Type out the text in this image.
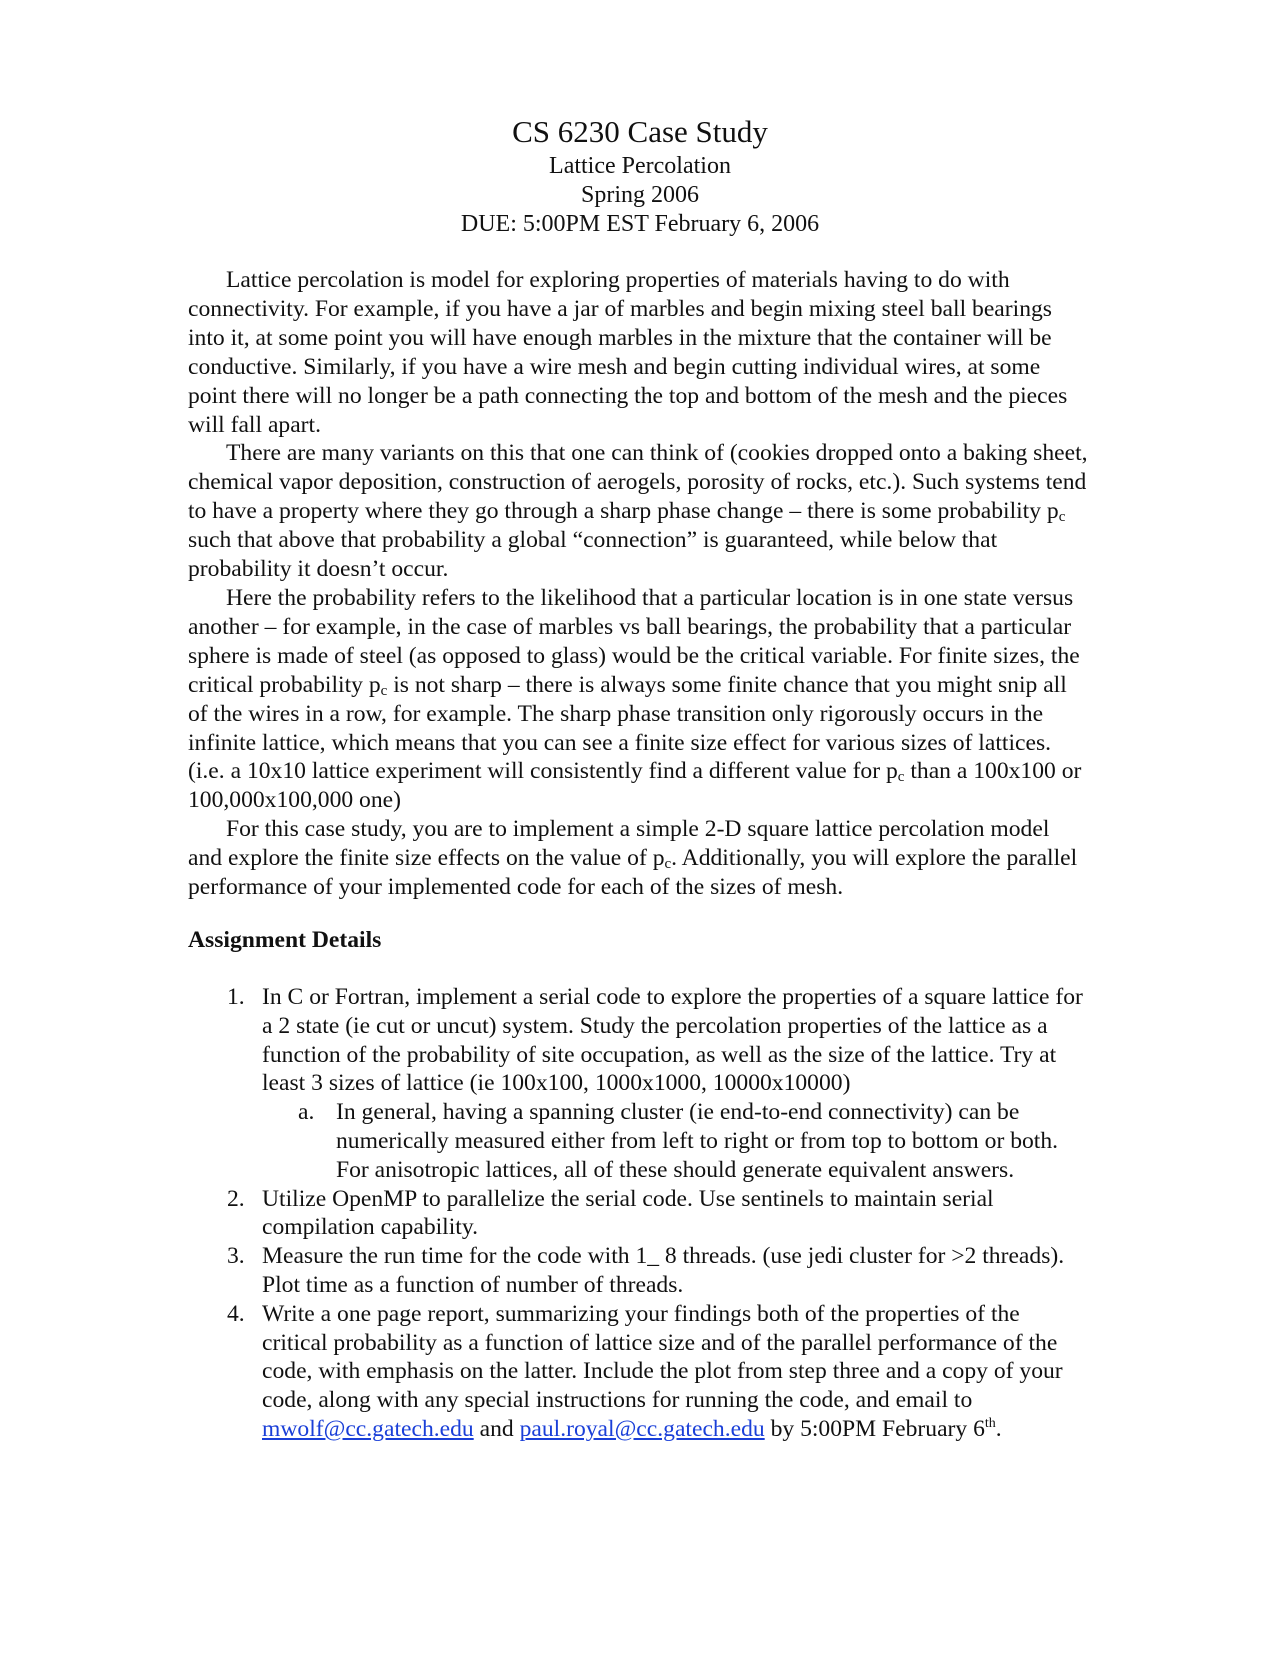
CS 6230 Case Study
Lattice Percolation
Spring 2006
DUE: 5:00PM EST February 6, 2006

Lattice percolation is model for exploring properties of materials having to do with connectivity. For example, if you have a jar of marbles and begin mixing steel ball bearings into it, at some point you will have enough marbles in the mixture that the container will be conductive. Similarly, if you have a wire mesh and begin cutting individual wires, at some point there will no longer be a path connecting the top and bottom of the mesh and the pieces will fall apart.

There are many variants on this that one can think of (cookies dropped onto a baking sheet, chemical vapor deposition, construction of aerogels, porosity of rocks, etc.). Such systems tend to have a property where they go through a sharp phase change – there is some probability $p_c$ such that above that probability a global “connection” is guaranteed, while below that probability it doesn’t occur.

Here the probability refers to the likelihood that a particular location is in one state versus another – for example, in the case of marbles vs ball bearings, the probability that a particular sphere is made of steel (as opposed to glass) would be the critical variable. For finite sizes, the critical probability $p_c$ is not sharp – there is always some finite chance that you might snip all of the wires in a row, for example. The sharp phase transition only rigorously occurs in the infinite lattice, which means that you can see a finite size effect for various sizes of lattices. (i.e. a 10x10 lattice experiment will consistently find a different value for $p_c$ than a 100x100 or 100,000x100,000 one)

For this case study, you are to implement a simple 2-D square lattice percolation model and explore the finite size effects on the value of $p_c$. Additionally, you will explore the parallel performance of your implemented code for each of the sizes of mesh.

Assignment Details
1. In C or Fortran, implement a serial code to explore the properties of a square lattice for a 2 state (ie cut or uncut) system. Study the percolation properties of the lattice as a function of the probability of site occupation, as well as the size of the lattice. Try at least 3 sizes of lattice (ie 100x100, 1000x1000, 10000x10000)
a. In general, having a spanning cluster (ie end-to-end connectivity) can be numerically measured either from left to right or from top to bottom or both. For anisotropic lattices, all of these should generate equivalent answers.
2. Utilize OpenMP to parallelize the serial code. Use sentinels to maintain serial compilation capability.
3. Measure the run time for the code with 1_ 8 threads. (use jedi cluster for >2 threads). Plot time as a function of number of threads.
4. Write a one page report, summarizing your findings both of the properties of the critical probability as a function of lattice size and of the parallel performance of the code, with emphasis on the latter. Include the plot from step three and a copy of your code, along with any special instructions for running the code, and email to mwolf@cc.gatech.edu and paul.royal@cc.gatech.edu by 5:00PM February 6th.
